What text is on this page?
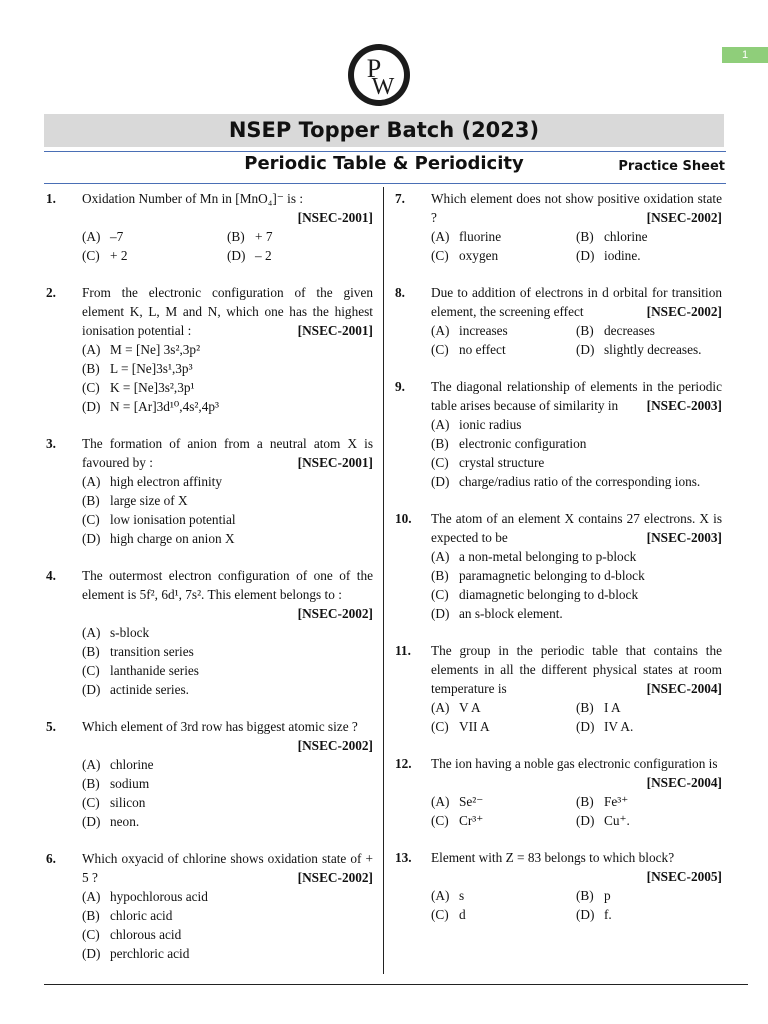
1
P
W
NSEP Topper Batch (2023)
Periodic Table & Periodicity	Practice Sheet
1.	Oxidation Number of Mn in [MnO₄]⁻ is :
[NSEC-2001]
(A) –7	(B) + 7
(C) + 2	(D) – 2
2.	From the electronic configuration of the given element K, L, M and N, which one has the highest ionisation potential :	[NSEC-2001]
(A) M = [Ne] 3s²,3p²
(B) L = [Ne]3s¹,3p³
(C) K = [Ne]3s²,3p¹
(D) N = [Ar]3d¹⁰,4s²,4p³
3.	The formation of anion from a neutral atom X is favoured by :	[NSEC-2001]
(A) high electron affinity
(B) large size of X
(C) low ionisation potential
(D) high charge on anion X
4.	The outermost electron configuration of one of the element is 5f², 6d¹, 7s². This element belongs to :
[NSEC-2002]
(A) s-block
(B) transition series
(C) lanthanide series
(D) actinide series.
5.	Which element of 3rd row has biggest atomic size ?
[NSEC-2002]
(A) chlorine
(B) sodium
(C) silicon
(D) neon.
6.	Which oxyacid of chlorine shows oxidation state of + 5 ?	[NSEC-2002]
(A) hypochlorous acid
(B) chloric acid
(C) chlorous acid
(D) perchloric acid
7.	Which element does not show positive oxidation state ?	[NSEC-2002]
(A) fluorine	(B) chlorine
(C) oxygen	(D) iodine.
8.	Due to addition of electrons in d orbital for transition element, the screening effect	[NSEC-2002]
(A) increases	(B) decreases
(C) no effect	(D) slightly decreases.
9.	The diagonal relationship of elements in the periodic table arises because of similarity in [NSEC-2003]
(A) ionic radius
(B) electronic configuration
(C) crystal structure
(D) charge/radius ratio of the corresponding ions.
10.	The atom of an element X contains 27 electrons. X is expected to be	[NSEC-2003]
(A) a non-metal belonging to p-block
(B) paramagnetic belonging to d-block
(C) diamagnetic belonging to d-block
(D) an s-block element.
11.	The group in the periodic table that contains the elements in all the different physical states at room temperature is	[NSEC-2004]
(A) V A	(B) I A
(C) VII A	(D) IV A.
12.	The ion having a noble gas electronic configuration is
[NSEC-2004]
(A) Se²⁻	(B) Fe³⁺
(C) Cr³⁺	(D) Cu⁺.
13.	Element with Z = 83 belongs to which block?
[NSEC-2005]
(A) s	(B) p
(C) d	(D) f.
